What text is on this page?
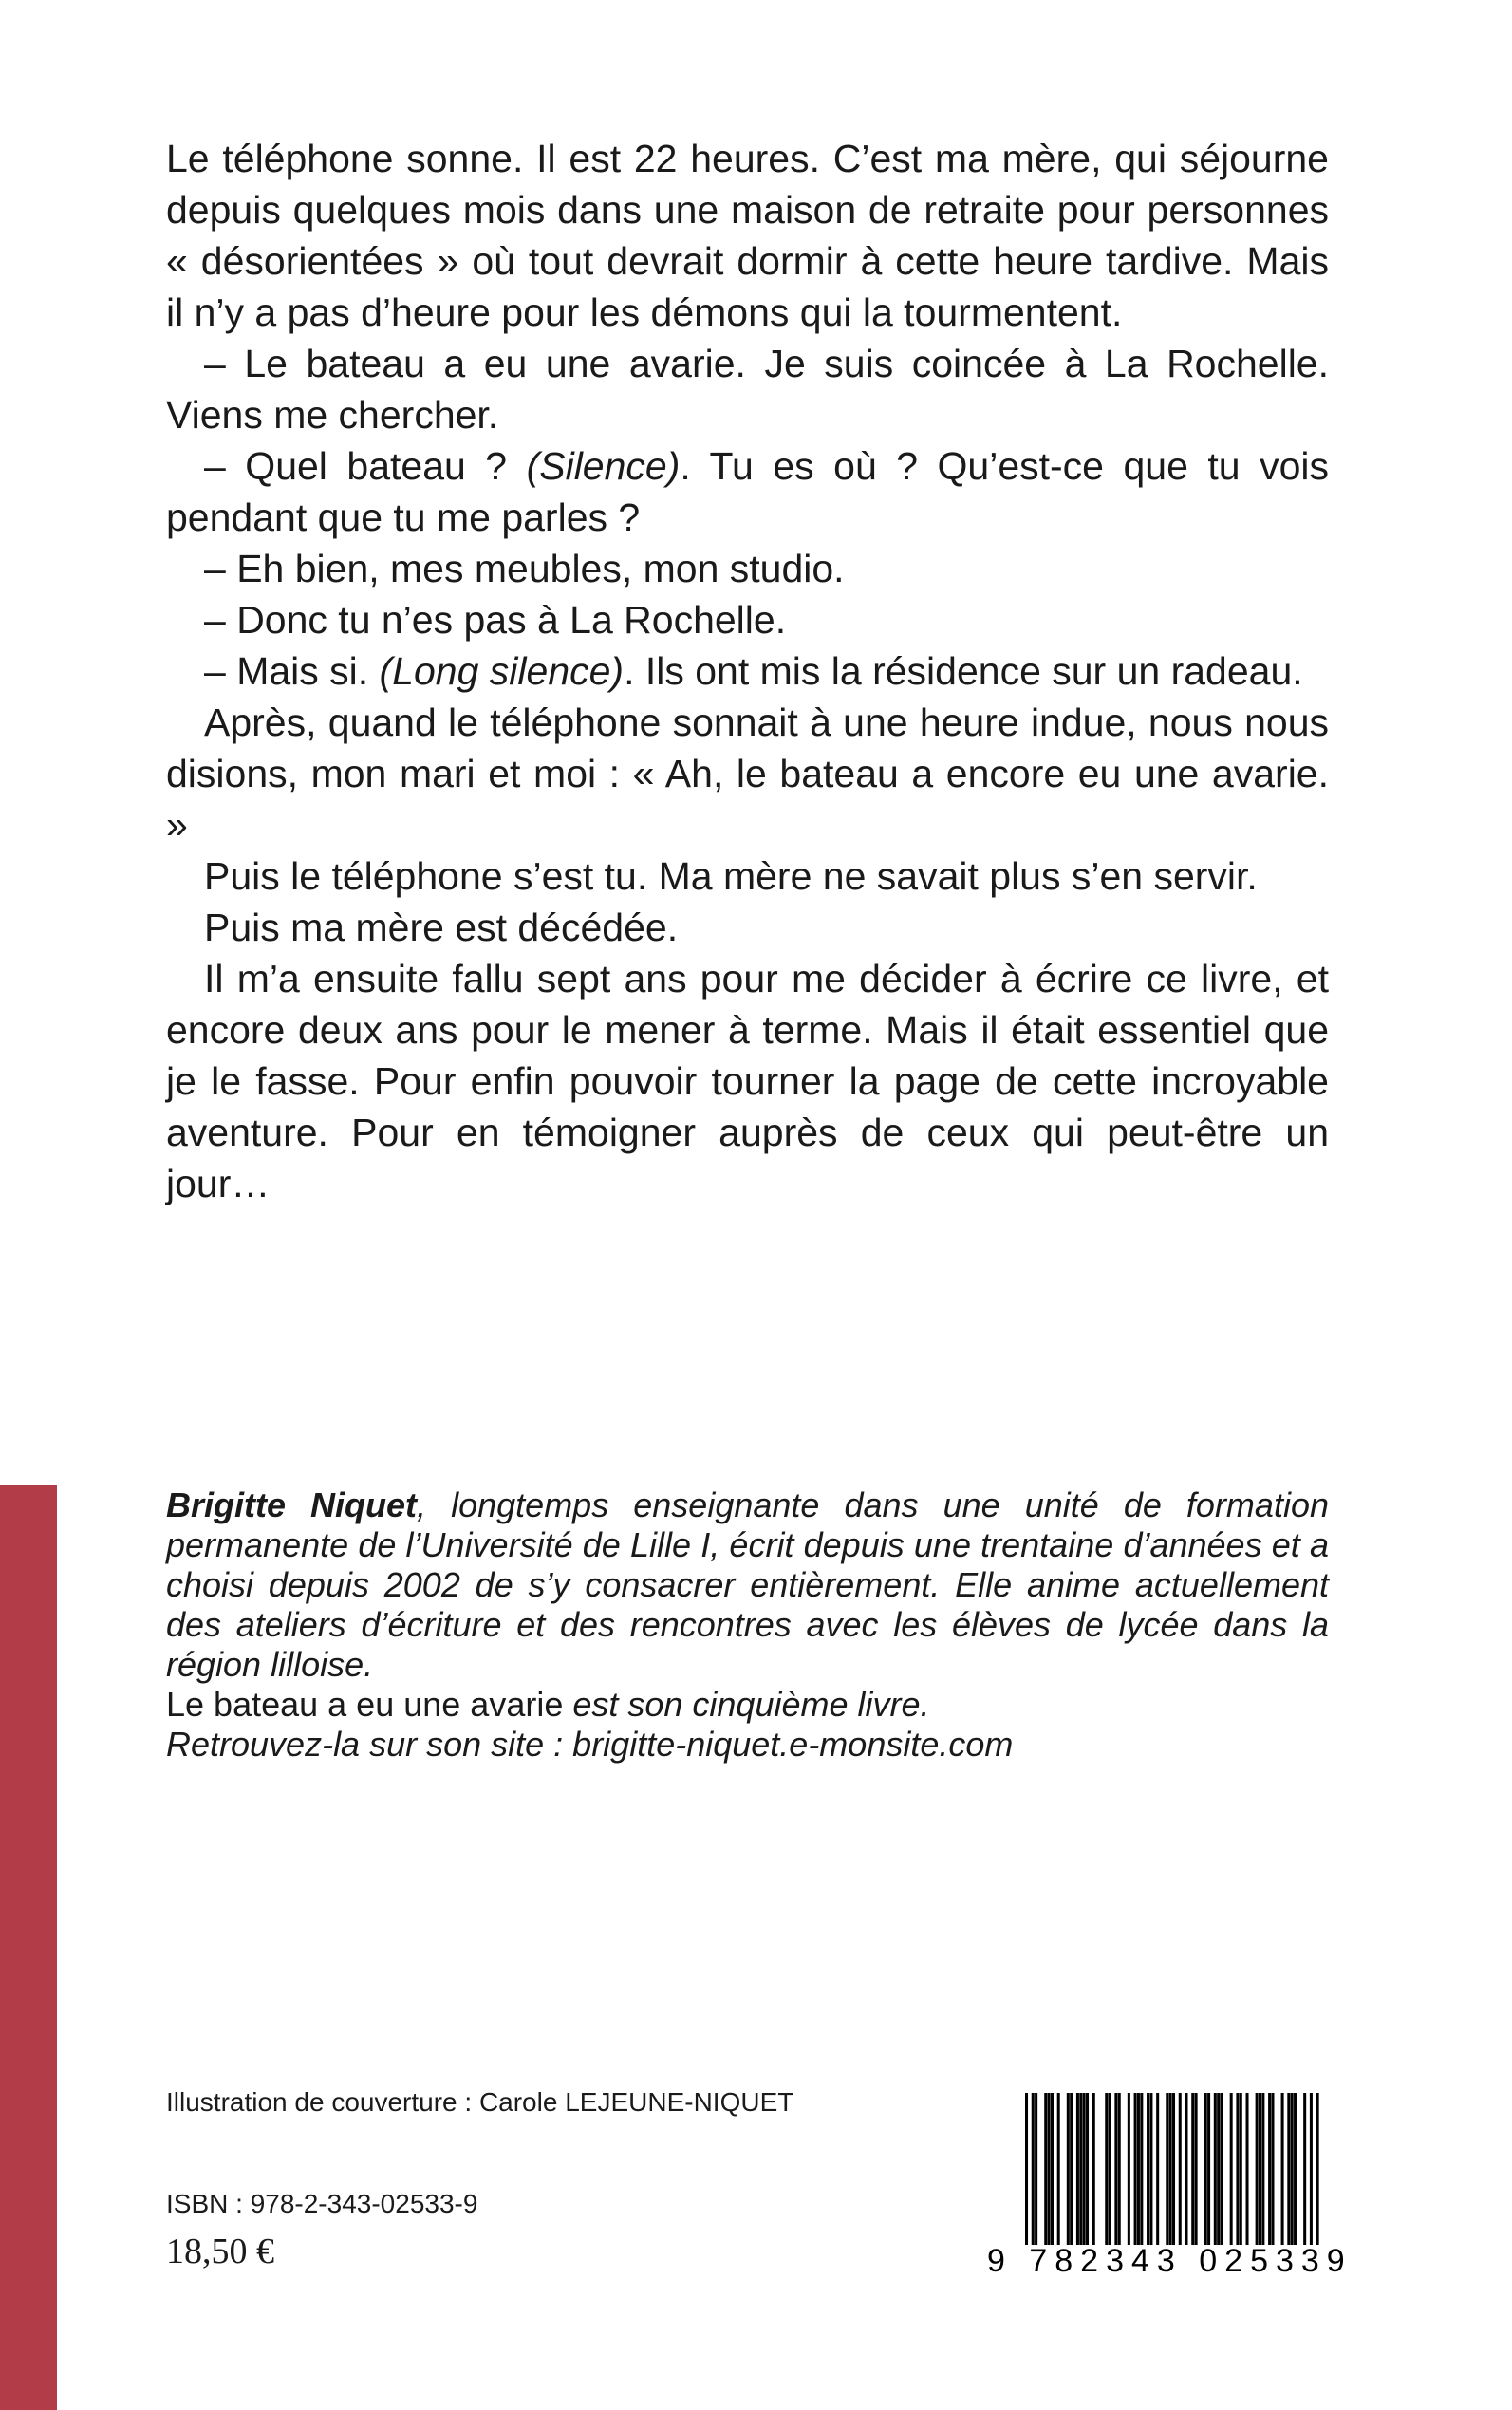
Le téléphone sonne. Il est 22 heures. C’est ma mère, qui séjourne depuis quelques mois dans une maison de retraite pour personnes « désorientées » où tout devrait dormir à cette heure tardive. Mais il n’y a pas d’heure pour les démons qui la tourmentent.

– Le bateau a eu une avarie. Je suis coincée à La Rochelle. Viens me chercher.

– Quel bateau ? (Silence). Tu es où ? Qu’est-ce que tu vois pendant que tu me parles ?

– Eh bien, mes meubles, mon studio.

– Donc tu n’es pas à La Rochelle.

– Mais si. (Long silence). Ils ont mis la résidence sur un radeau.

Après, quand le téléphone sonnait à une heure indue, nous nous disions, mon mari et moi : « Ah, le bateau a encore eu une avarie. »

Puis le téléphone s’est tu. Ma mère ne savait plus s’en servir.

Puis ma mère est décédée.

Il m’a ensuite fallu sept ans pour me décider à écrire ce livre, et encore deux ans pour le mener à terme. Mais il était essentiel que je le fasse. Pour enfin pouvoir tourner la page de cette incroyable aventure. Pour en témoigner auprès de ceux qui peut-être un jour…

Brigitte Niquet, longtemps enseignante dans une unité de formation permanente de l’Université de Lille I, écrit depuis une trentaine d’années et a choisi depuis 2002 de s’y consacrer entièrement. Elle anime actuellement des ateliers d’écriture et des rencontres avec les élèves de lycée dans la région lilloise.

Le bateau a eu une avarie est son cinquième livre.

Retrouvez-la sur son site : brigitte-niquet.e-monsite.com

Illustration de couverture : Carole LEJEUNE-NIQUET
ISBN : 978-2-343-02533-9
18,50 €	9 782343 025339
